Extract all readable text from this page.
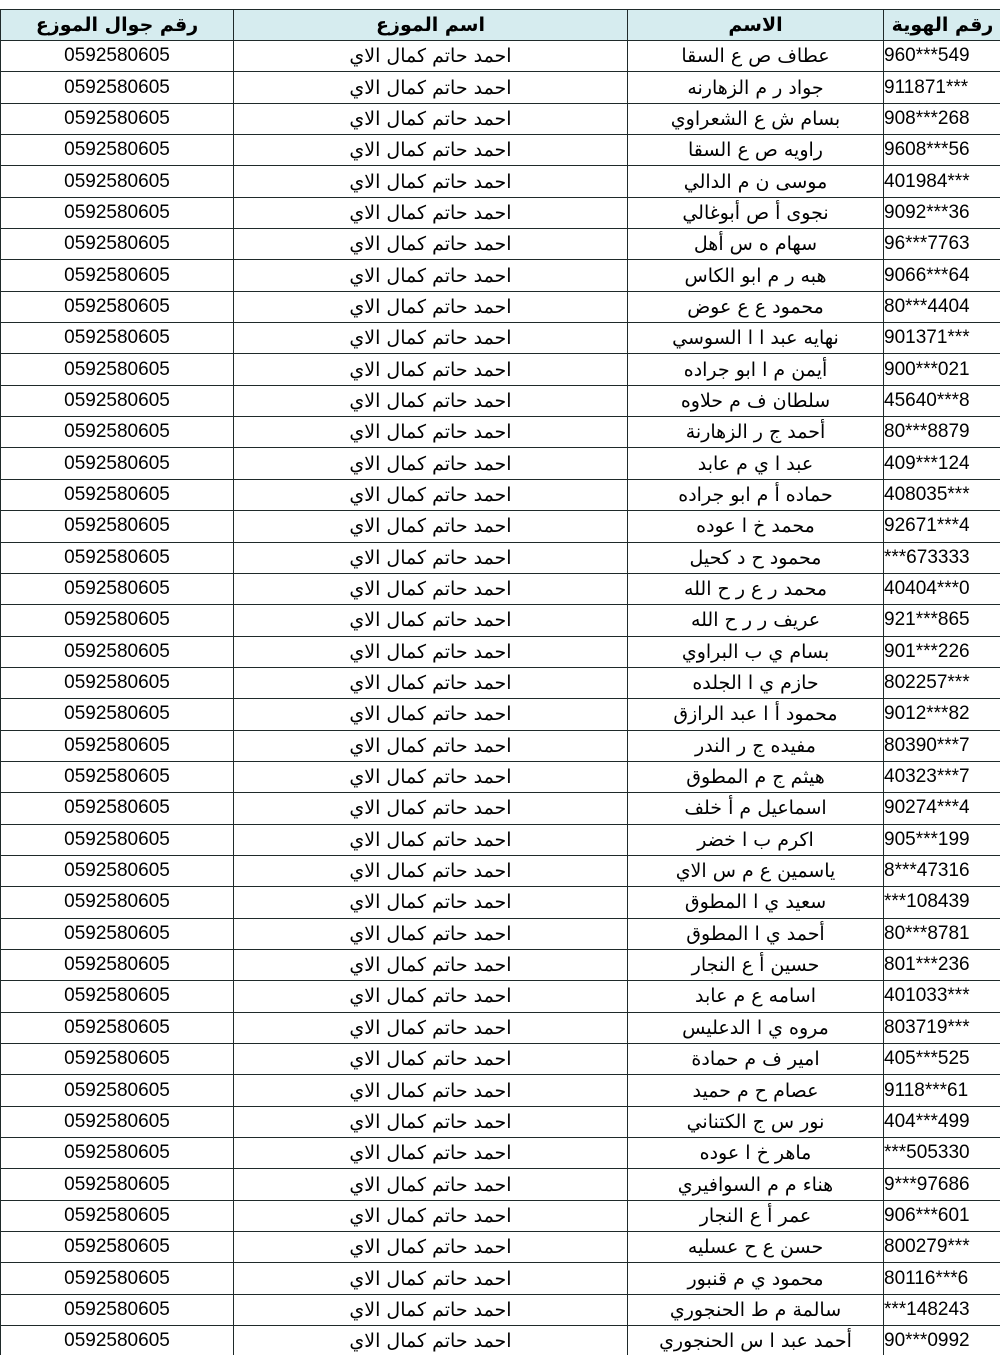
رقم جوال الموزع	اسم الموزع	الاسم	رقم الهوية
0592580605	احمد حاتم كمال الاي	عطاف ص ع السقا	960***549
0592580605	احمد حاتم كمال الاي	جواد ر م الزهارنه	911871***
0592580605	احمد حاتم كمال الاي	بسام ش ع الشعراوي	908***268
0592580605	احمد حاتم كمال الاي	راويه ص ع السقا	9608***56
0592580605	احمد حاتم كمال الاي	موسى ن م الدالي	401984***
0592580605	احمد حاتم كمال الاي	نجوى أ ص أبوغالي	9092***36
0592580605	احمد حاتم كمال الاي	سهام ه س أهل	96***7763
0592580605	احمد حاتم كمال الاي	هبه ر م ابو الكاس	9066***64
0592580605	احمد حاتم كمال الاي	محمود ع ع عوض	80***4404
0592580605	احمد حاتم كمال الاي	نهايه عبد ا ا السوسي	901371***
0592580605	احمد حاتم كمال الاي	أيمن م ا ابو جراده	900***021
0592580605	احمد حاتم كمال الاي	سلطان ف م حلاوه	45640***8
0592580605	احمد حاتم كمال الاي	أحمد ج ر الزهارنة	80***8879
0592580605	احمد حاتم كمال الاي	عبد ا ي م عابد	409***124
0592580605	احمد حاتم كمال الاي	حماده أ م ابو جراده	408035***
0592580605	احمد حاتم كمال الاي	محمد خ ا عوده	92671***4
0592580605	احمد حاتم كمال الاي	محمود ح د كحيل	***673333
0592580605	احمد حاتم كمال الاي	محمد ر ع ر ح الله	40404***0
0592580605	احمد حاتم كمال الاي	عريف ر ر ح الله	921***865
0592580605	احمد حاتم كمال الاي	بسام ي ب البراوي	901***226
0592580605	احمد حاتم كمال الاي	حازم ي ا الجلده	802257***
0592580605	احمد حاتم كمال الاي	محمود أ ا عبد الرازق	9012***82
0592580605	احمد حاتم كمال الاي	مفيده ج ر الندر	80390***7
0592580605	احمد حاتم كمال الاي	هيثم ج م المطوق	40323***7
0592580605	احمد حاتم كمال الاي	اسماعيل م أ خلف	90274***4
0592580605	احمد حاتم كمال الاي	اكرم ب ا خضر	905***199
0592580605	احمد حاتم كمال الاي	ياسمين ع م س الاي	8***47316
0592580605	احمد حاتم كمال الاي	سعيد ي ا المطوق	***108439
0592580605	احمد حاتم كمال الاي	أحمد ي ا المطوق	80***8781
0592580605	احمد حاتم كمال الاي	حسين أ ع النجار	801***236
0592580605	احمد حاتم كمال الاي	اسامه ع م عابد	401033***
0592580605	احمد حاتم كمال الاي	مروه ي ا الدعليس	803719***
0592580605	احمد حاتم كمال الاي	امير ف م حمادة	405***525
0592580605	احمد حاتم كمال الاي	عصام ح م حميد	9118***61
0592580605	احمد حاتم كمال الاي	نور س ج الكتناني	404***499
0592580605	احمد حاتم كمال الاي	ماهر خ ا عوده	***505330
0592580605	احمد حاتم كمال الاي	هناء م م السوافيري	9***97686
0592580605	احمد حاتم كمال الاي	عمر أ ع النجار	906***601
0592580605	احمد حاتم كمال الاي	حسن ع ح عسليه	800279***
0592580605	احمد حاتم كمال الاي	محمود ي م قنبور	80116***6
0592580605	احمد حاتم كمال الاي	سالمة م ط الحنجوري	***148243
0592580605	احمد حاتم كمال الاي	أحمد عبد ا س الحنجوري	90***0992
